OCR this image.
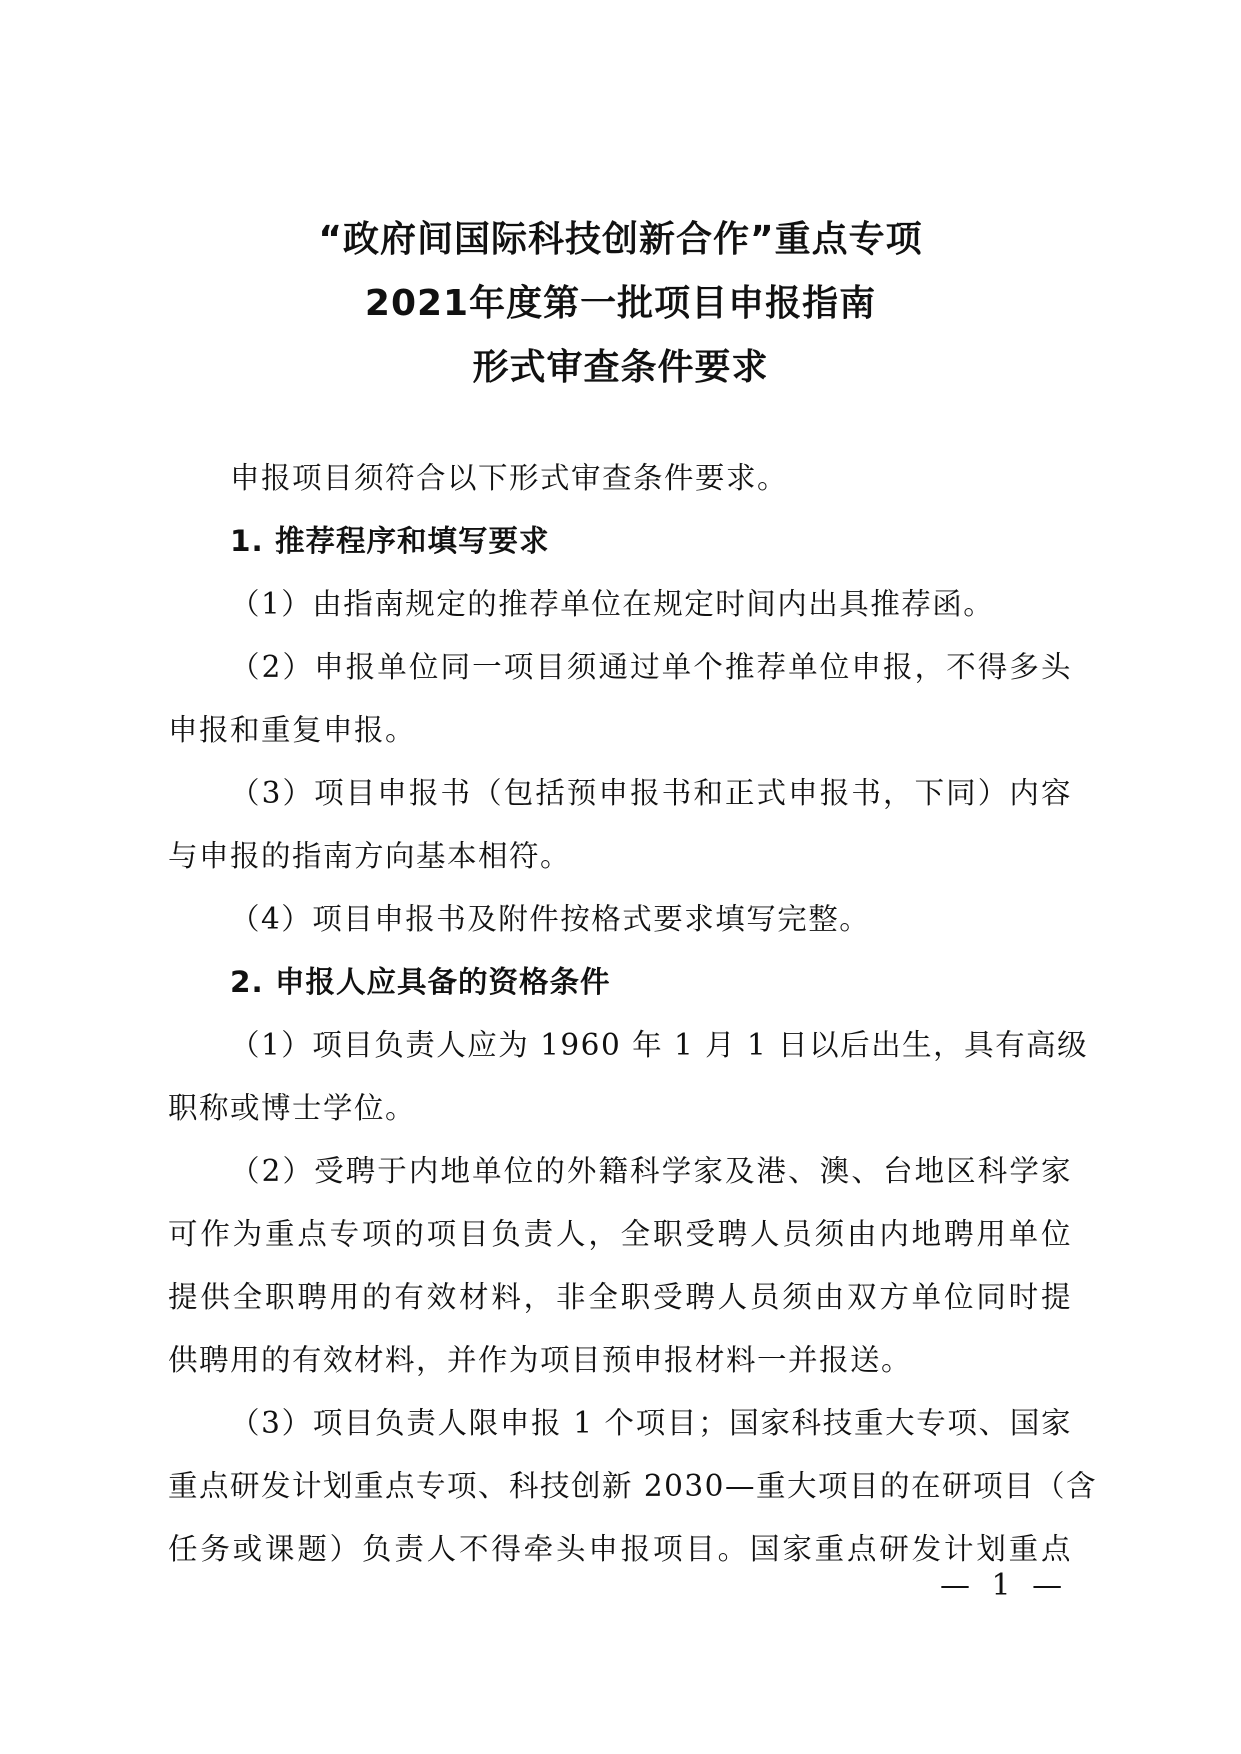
“政府间国际科技创新合作”重点专项
2021年度第一批项目申报指南
形式审查条件要求
申报项目须符合以下形式审查条件要求。
1. 推荐程序和填写要求
（1）由指南规定的推荐单位在规定时间内出具推荐函。
（2）申报单位同一项目须通过单个推荐单位申报，不得多头
申报和重复申报。
（3）项目申报书（包括预申报书和正式申报书，下同）内容
与申报的指南方向基本相符。
（4）项目申报书及附件按格式要求填写完整。
2. 申报人应具备的资格条件
（1）项目负责人应为 1960 年 1 月 1 日以后出生，具有高级
职称或博士学位。
（2）受聘于内地单位的外籍科学家及港、澳、台地区科学家
可作为重点专项的项目负责人，全职受聘人员须由内地聘用单位
提供全职聘用的有效材料，非全职受聘人员须由双方单位同时提
供聘用的有效材料，并作为项目预申报材料一并报送。
（3）项目负责人限申报 1 个项目；国家科技重大专项、国家
重点研发计划重点专项、科技创新 2030—重大项目的在研项目（含
任务或课题）负责人不得牵头申报项目。国家重点研发计划重点
— 1 —
